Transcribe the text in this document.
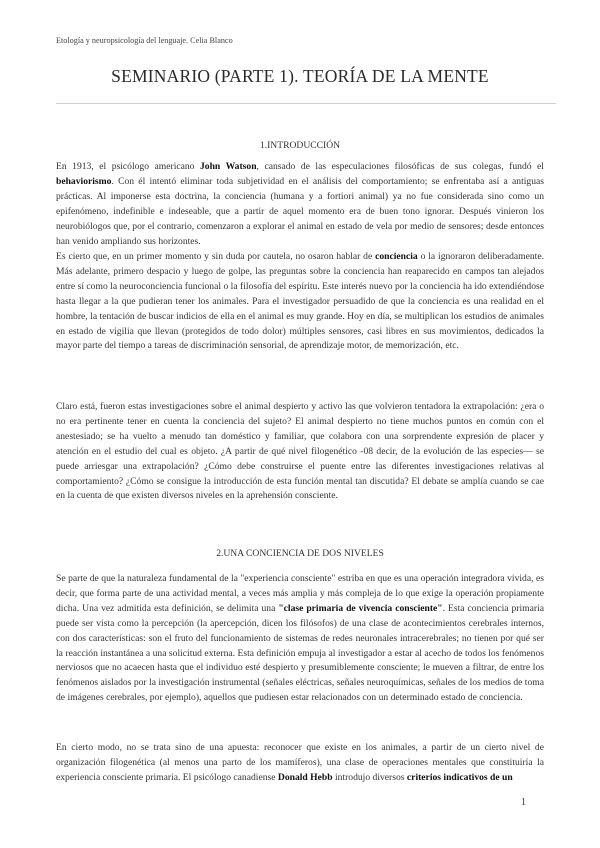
Etología y neuropsicología del lenguaje. Celia Blanco
SEMINARIO (PARTE 1). TEORÍA DE LA MENTE
1.INTRODUCCIÓN

En 1913, el psicólogo americano John Watson, cansado de las especulaciones filosóficas de sus colegas, fundó el behaviorismo. Con él intentó eliminar toda subjetividad en el análisis del comportamiento; se enfrentaba así a antiguas prácticas. Al imponerse esta doctrina, la conciencia (humana y a fortiori animal) ya no fue considerada sino como un epifenómeno, indefinible e indeseable, que a partir de aquel momento era de buen tono ignorar. Después vinieron los neurobiólogos que, por el contrario, comenzaron a explorar el animal en estado de vela por medio de sensores; desde entonces han venido ampliando sus horizontes.

Es cierto que, en un primer momento y sin duda por cautela, no osaron hablar de conciencia o la ignoraron deliberadamente. Más adelante, primero despacio y luego de golpe, las preguntas sobre la conciencia han reaparecido en campos tan alejados entre sí como la neuroconciencia funcional o la filosofía del espíritu. Este interés nuevo por la conciencia ha ido extendiéndose hasta llegar a la que pudieran tener los animales. Para el investigador persuadido de que la conciencia es una realidad en el hombre, la tentación de buscar indicios de ella en el animal es muy grande. Hoy en día, se multiplican los estudios de animales en estado de vigilia que llevan (protegidos de todo dolor) múltiples sensores, casi libres en sus movimientos, dedicados la mayor parte del tiempo a tareas de discriminación sensorial, de aprendizaje motor, de memorización, etc.

Claro está, fueron estas investigaciones sobre el animal despierto y activo las que volvieron tentadora la extrapolación: ¿era o no era pertinente tener en cuenta la conciencia del sujeto? El animal despierto no tiene muchos puntos en común con el anestesiado; se ha vuelto a menudo tan doméstico y familiar, que colabora con una sorprendente expresión de placer y atención en el estudio del cual es objeto. ¿A partir de qué nivel filogenético -08 decir, de la evolución de las especies— se puede arriesgar una extrapolación? ¿Cómo debe construirse el puente entre las diferentes investigaciones relativas al comportamiento? ¿Cómo se consigue la introducción de esta función mental tan discutida? El debate se amplía cuando se cae en la cuenta de que existen diversos niveles en la aprehensión consciente.

2.UNA CONCIENCIA DE DOS NIVELES

Se parte de que la naturaleza fundamental de la "experiencia consciente" estriba en que es una operación integradora vivida, es decir, que forma parte de una actividad mental, a veces más amplia y más compleja de lo que exige la operación propiamente dicha. Una vez admitida esta definición, se delimita una "clase primaria de vivencia consciente". Esta conciencia primaria puede ser vista como la percepción (la apercepción, dicen los filósofos) de una clase de acontecimientos cerebrales internos, con dos características: son el fruto del funcionamiento de sistemas de redes neuronales intracerebrales; no tienen por qué ser la reacción instantánea a una solicitud externa. Esta definición empuja al investigador a estar al acecho de todos los fenómenos nerviosos que no acaecen hasta que el individuo esté despierto y presumiblemente consciente; le mueven a filtrar, de entre los fenómenos aislados por la investigación instrumental (señales eléctricas, señales neuroquímicas, señales de los medios de toma de imágenes cerebrales, por ejemplo), aquellos que pudiesen estar relacionados con un determinado estado de conciencia.

En cierto modo, no se trata sino de una apuesta: reconocer que existe en los animales, a partir de un cierto nivel de organización filogenética (al menos una parto de los mamíferos), una clase de operaciones mentales que constituiría la experiencia consciente primaria. El psicólogo canadiense Donald Hebb introdujo diversos criterios indicativos de un

1
